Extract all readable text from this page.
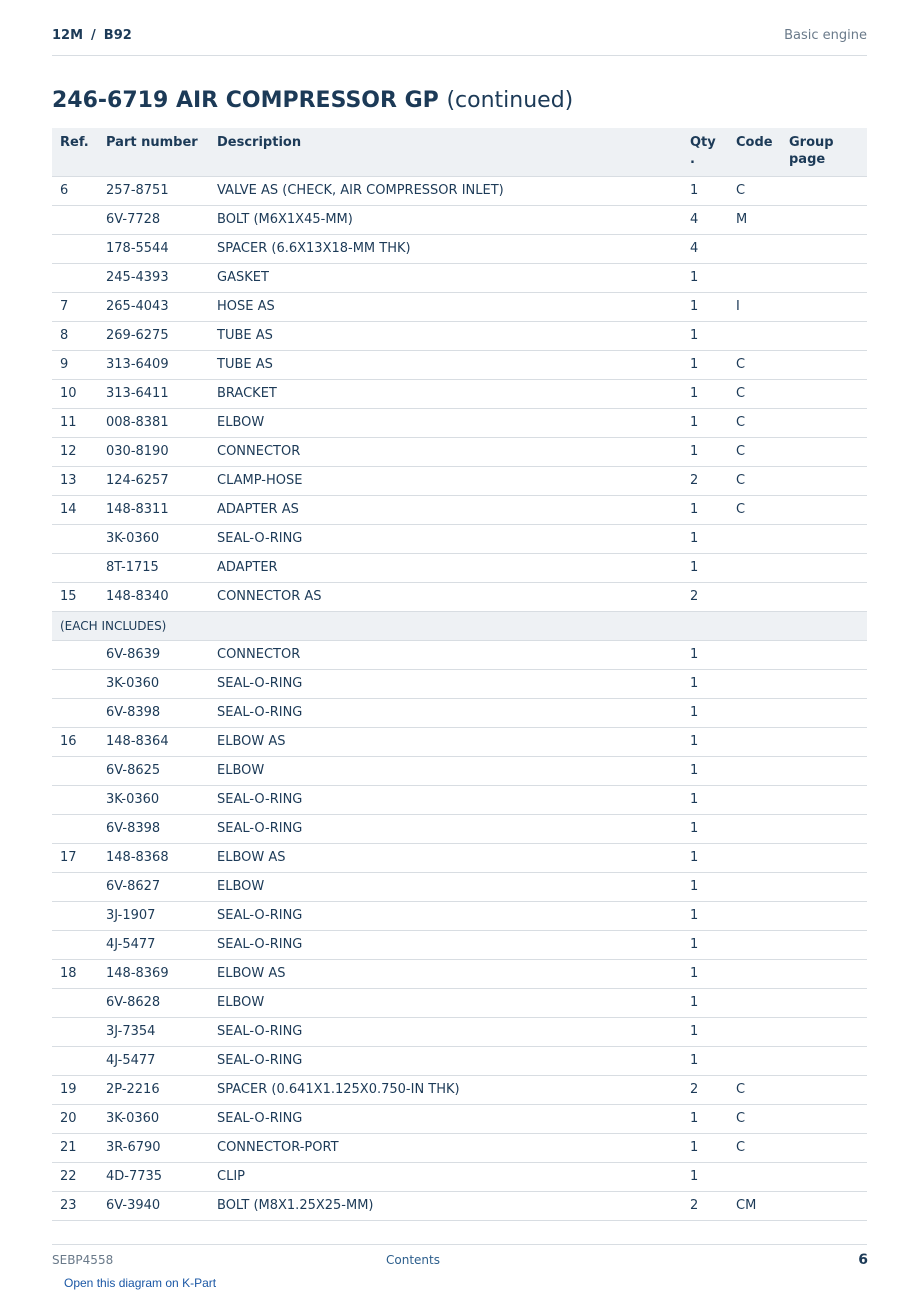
12M / B92	Basic engine
246-6719 AIR COMPRESSOR GP (continued)
Ref.	Part number	Description	Qty .	Code	Group page
6	257-8751	VALVE AS (CHECK, AIR COMPRESSOR INLET)	1	C	
	6V-7728	BOLT (M6X1X45-MM)	4	M	
	178-5544	SPACER (6.6X13X18-MM THK)	4		
	245-4393	GASKET	1		
7	265-4043	HOSE AS	1	I	
8	269-6275	TUBE AS	1		
9	313-6409	TUBE AS	1	C	
10	313-6411	BRACKET	1	C	
11	008-8381	ELBOW	1	C	
12	030-8190	CONNECTOR	1	C	
13	124-6257	CLAMP-HOSE	2	C	
14	148-8311	ADAPTER AS	1	C	
	3K-0360	SEAL-O-RING	1		
	8T-1715	ADAPTER	1		
15	148-8340	CONNECTOR AS	2		
(EACH INCLUDES)					
	6V-8639	CONNECTOR	1		
	3K-0360	SEAL-O-RING	1		
	6V-8398	SEAL-O-RING	1		
16	148-8364	ELBOW AS	1		
	6V-8625	ELBOW	1		
	3K-0360	SEAL-O-RING	1		
	6V-8398	SEAL-O-RING	1		
17	148-8368	ELBOW AS	1		
	6V-8627	ELBOW	1		
	3J-1907	SEAL-O-RING	1		
	4J-5477	SEAL-O-RING	1		
18	148-8369	ELBOW AS	1		
	6V-8628	ELBOW	1		
	3J-7354	SEAL-O-RING	1		
	4J-5477	SEAL-O-RING	1		
19	2P-2216	SPACER (0.641X1.125X0.750-IN THK)	2	C	
20	3K-0360	SEAL-O-RING	1	C	
21	3R-6790	CONNECTOR-PORT	1	C	
22	4D-7735	CLIP	1		
23	6V-3940	BOLT (M8X1.25X25-MM)	2	CM	
SEBP4558	Contents	6
Open this diagram on K-Part
